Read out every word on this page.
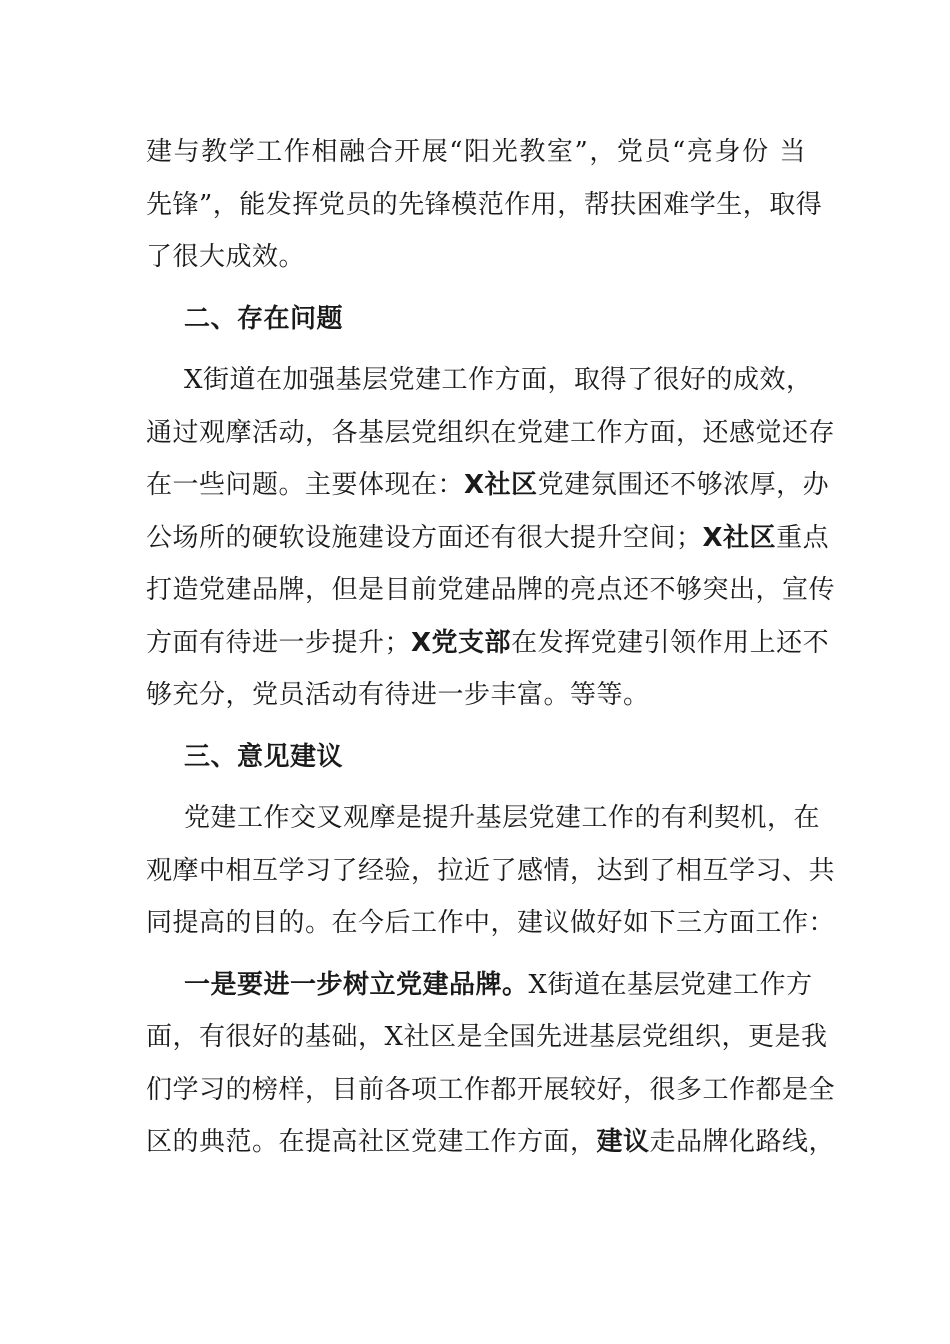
建与教学工作相融合开展“阳光教室”，党员“亮身份 当
先锋”，能发挥党员的先锋模范作用，帮扶困难学生，取得
了很大成效。
二、存在问题
X街道在加强基层党建工作方面，取得了很好的成效，
通过观摩活动，各基层党组织在党建工作方面，还感觉还存
在一些问题。主要体现在：X社区党建氛围还不够浓厚，办
公场所的硬软设施建设方面还有很大提升空间；X社区重点
打造党建品牌，但是目前党建品牌的亮点还不够突出，宣传
方面有待进一步提升；X党支部在发挥党建引领作用上还不
够充分，党员活动有待进一步丰富。等等。
三、意见建议
党建工作交叉观摩是提升基层党建工作的有利契机，在
观摩中相互学习了经验，拉近了感情，达到了相互学习、共
同提高的目的。在今后工作中，建议做好如下三方面工作：
一是要进一步树立党建品牌。X街道在基层党建工作方
面，有很好的基础，X社区是全国先进基层党组织，更是我
们学习的榜样，目前各项工作都开展较好，很多工作都是全
区的典范。在提高社区党建工作方面，建议走品牌化路线，
